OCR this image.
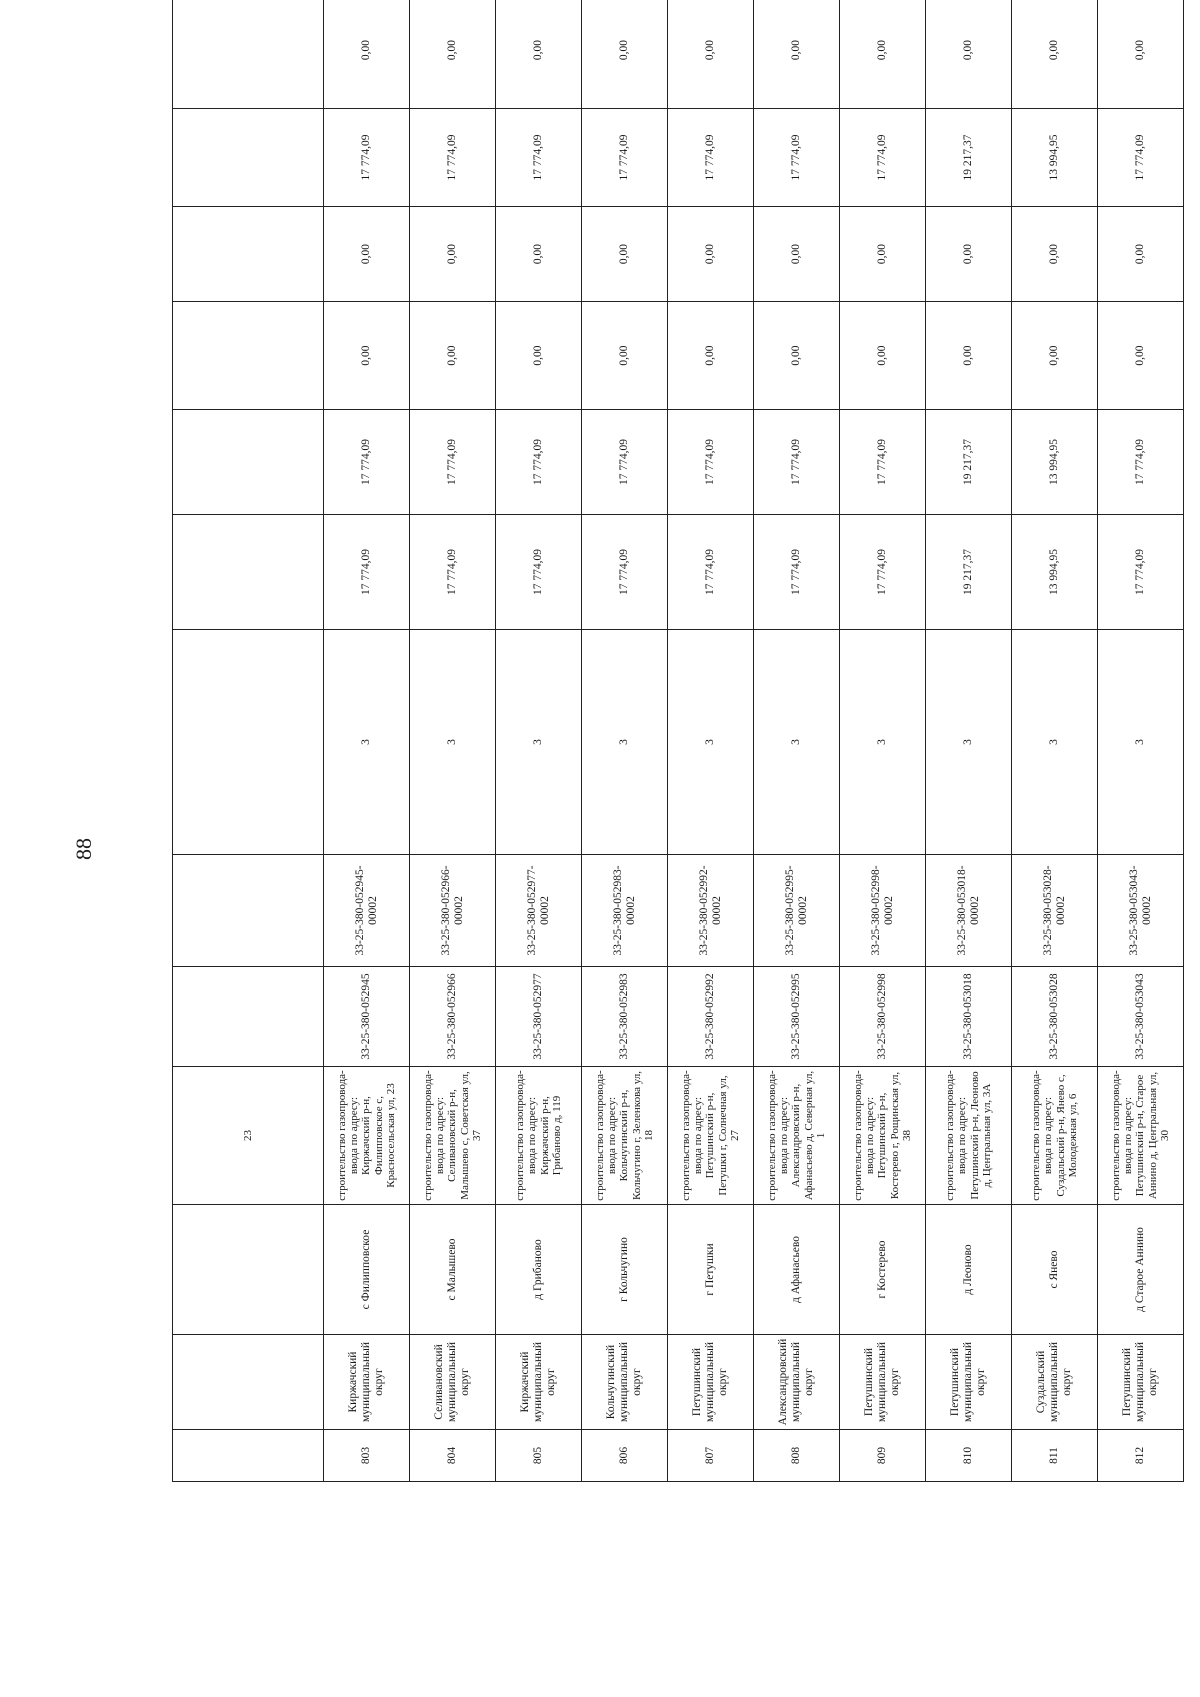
88
			23									
803	Киржачский муниципальный округ	с Филипповское	строительство газопровода-ввода по адресу: Киржачский р-н, Филипповское с, Красносельская ул, 23	33-25-380-052945	33-25-380-052945-00002	3	17 774,09	17 774,09	0,00	0,00	17 774,09	0,00
804	Селивановский муниципальный округ	с Малышево	строительство газопровода-ввода по адресу: Селивановский р-н, Малышево с, Советская ул, 37	33-25-380-052966	33-25-380-052966-00002	3	17 774,09	17 774,09	0,00	0,00	17 774,09	0,00
805	Киржачский муниципальный округ	д Грибаново	строительство газопровода-ввода по адресу: Киржачский р-н, Грибаново д, 119	33-25-380-052977	33-25-380-052977-00002	3	17 774,09	17 774,09	0,00	0,00	17 774,09	0,00
806	Кольчугинский муниципальный округ	г Кольчугино	строительство газопровода-ввода по адресу: Кольчугинский р-н, Кольчугино г, Зеленкова ул, 18	33-25-380-052983	33-25-380-052983-00002	3	17 774,09	17 774,09	0,00	0,00	17 774,09	0,00
807	Петушинский муниципальный округ	г Петушки	строительство газопровода-ввода по адресу: Петушинский р-н, Петушки г, Солнечная ул, 27	33-25-380-052992	33-25-380-052992-00002	3	17 774,09	17 774,09	0,00	0,00	17 774,09	0,00
808	Александровский муниципальный округ	д Афанасьево	строительство газопровода-ввода по адресу: Александровский р-н, Афанасьево д, Северная ул, 1	33-25-380-052995	33-25-380-052995-00002	3	17 774,09	17 774,09	0,00	0,00	17 774,09	0,00
809	Петушинский муниципальный округ	г Костерево	строительство газопровода-ввода по адресу: Петушинский р-н, Костерево г, Рощинская ул, 38	33-25-380-052998	33-25-380-052998-00002	3	17 774,09	17 774,09	0,00	0,00	17 774,09	0,00
810	Петушинский муниципальный округ	д Леоново	строительство газопровода-ввода по адресу: Петушинский р-н, Леоново д, Центральная ул, 3А	33-25-380-053018	33-25-380-053018-00002	3	19 217,37	19 217,37	0,00	0,00	19 217,37	0,00
811	Суздальский муниципальный округ	с Янево	строительство газопровода-ввода по адресу: Суздальский р-н, Янево с, Молодежная ул, 6	33-25-380-053028	33-25-380-053028-00002	3	13 994,95	13 994,95	0,00	0,00	13 994,95	0,00
812	Петушинский муниципальный округ	д Старое Аннино	строительство газопровода-ввода по адресу: Петушинский р-н, Старое Аннино д, Центральная ул, 30	33-25-380-053043	33-25-380-053043-00002	3	17 774,09	17 774,09	0,00	0,00	17 774,09	0,00
